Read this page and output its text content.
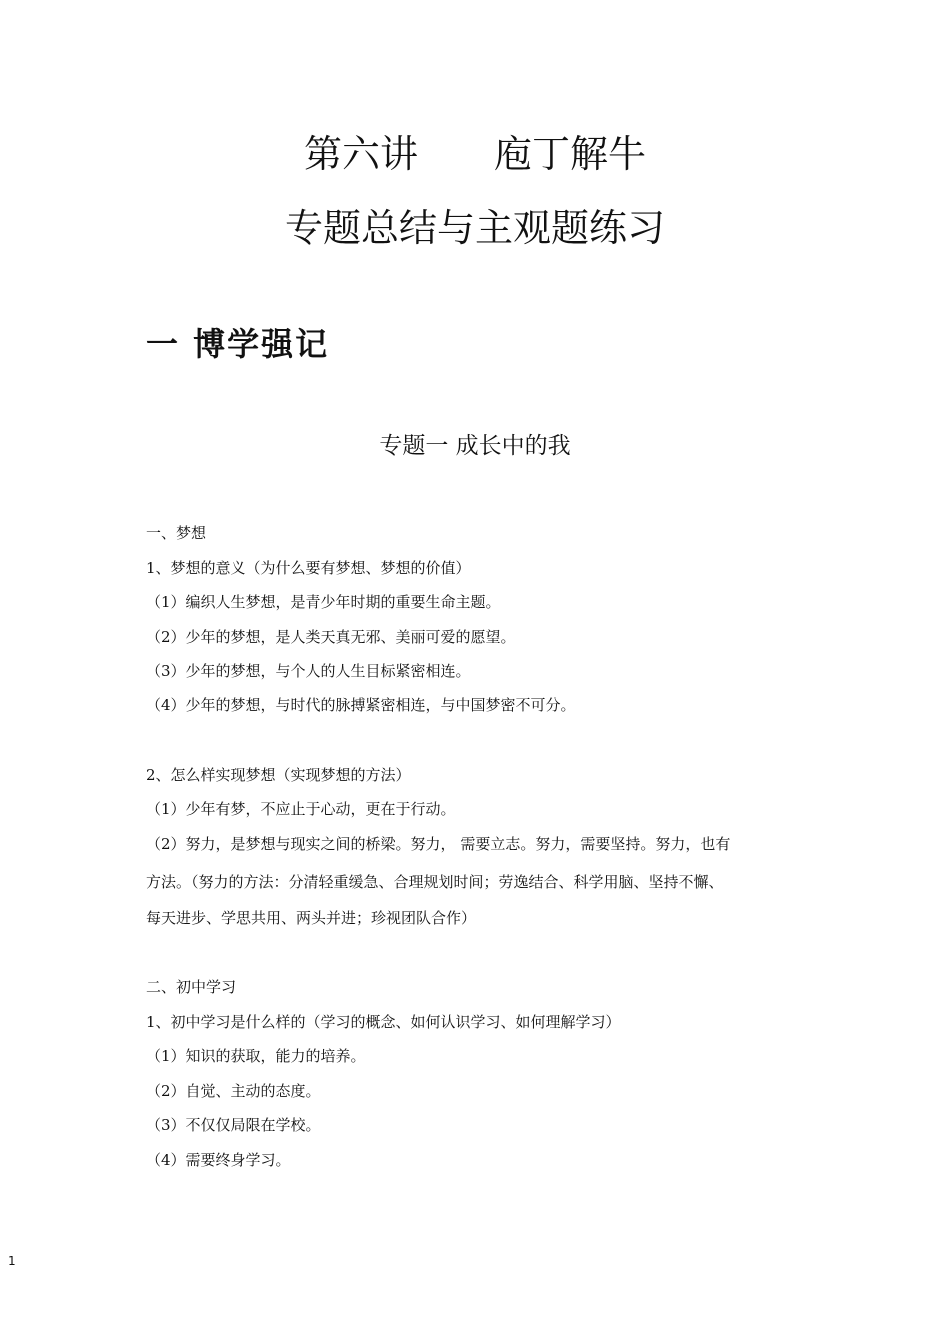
第六讲　　庖丁解牛
专题总结与主观题练习
一 博学强记
专题一 成长中的我

一、梦想

1、梦想的意义（为什么要有梦想、梦想的价值）

（1）编织人生梦想，是青少年时期的重要生命主题。

（2）少年的梦想，是人类天真无邪、美丽可爱的愿望。

（3）少年的梦想，与个人的人生目标紧密相连。

（4）少年的梦想，与时代的脉搏紧密相连，与中国梦密不可分。

2、怎么样实现梦想（实现梦想的方法）

（1）少年有梦，不应止于心动，更在于行动。

（2）努力，是梦想与现实之间的桥梁。努力， 需要立志。努力，需要坚持。努力，也有

方法。（努力的方法：分清轻重缓急、合理规划时间；劳逸结合、科学用脑、坚持不懈、

每天进步、学思共用、两头并进；珍视团队合作）

二、初中学习

1、初中学习是什么样的（学习的概念、如何认识学习、如何理解学习）

（1）知识的获取，能力的培养。

（2）自觉、主动的态度。

（3）不仅仅局限在学校。

（4）需要终身学习。

1
